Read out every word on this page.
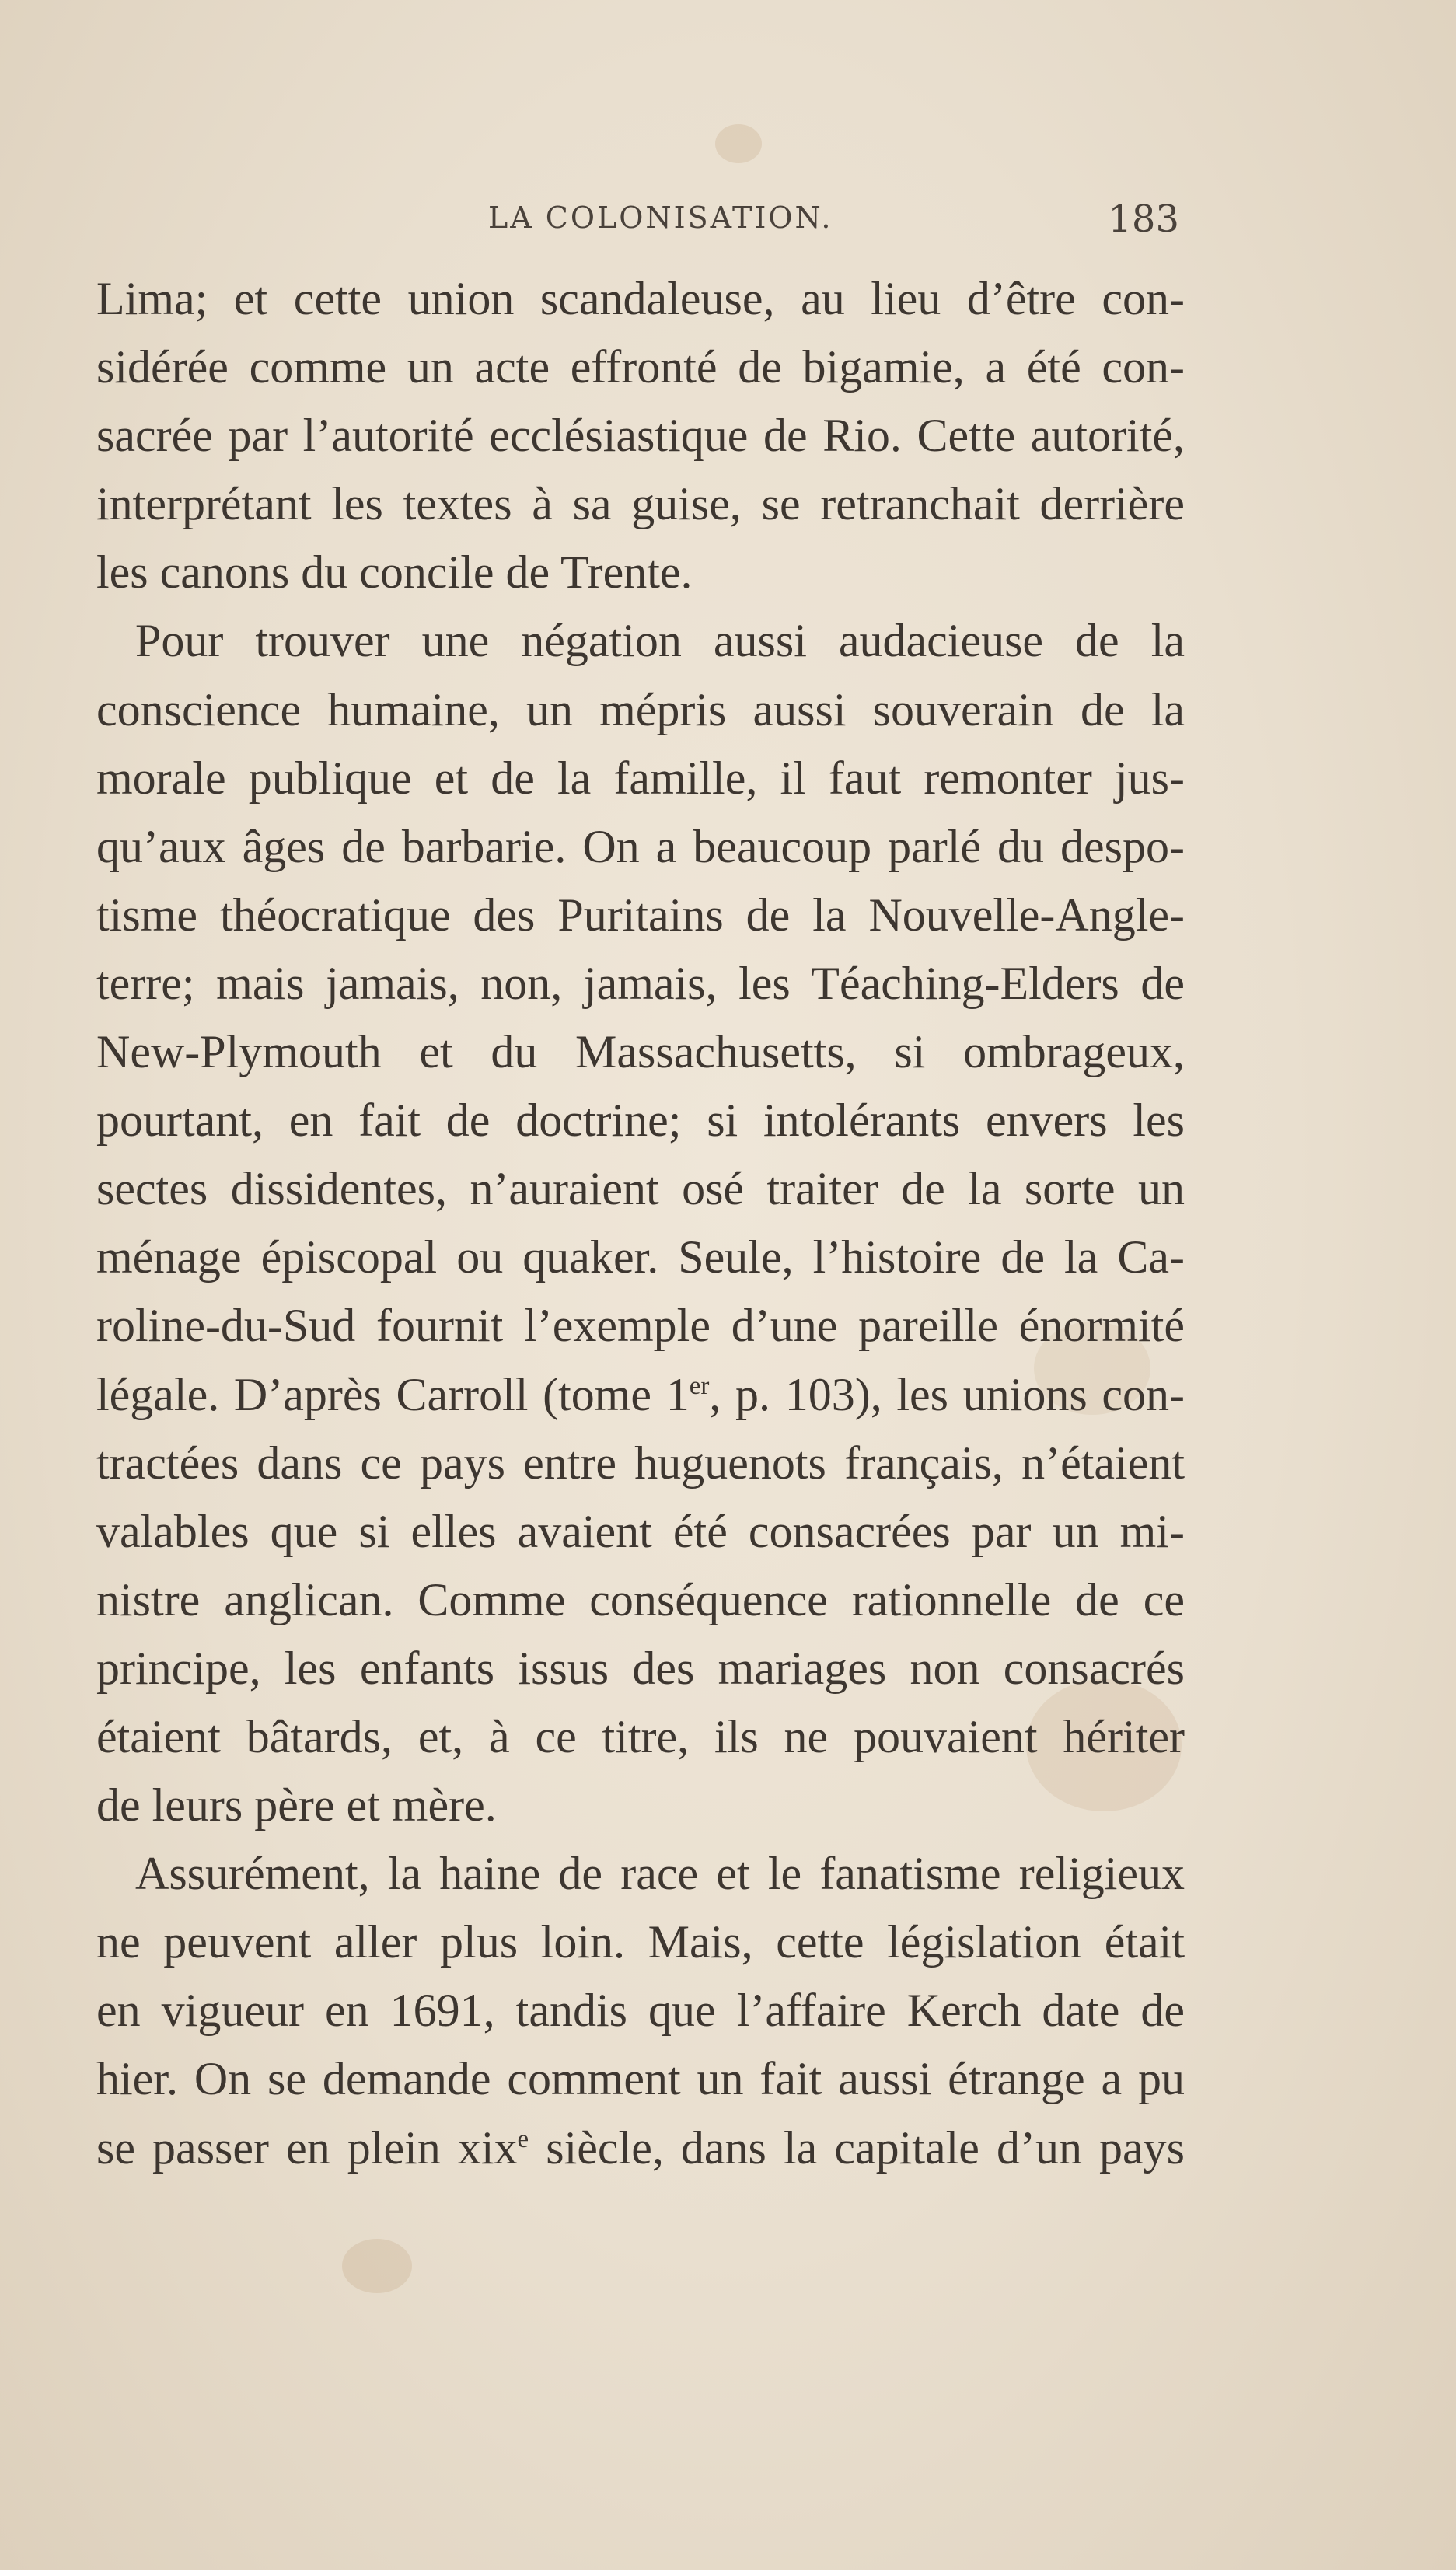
LA COLONISATION.	183
Lima; et cette union scandaleuse, au lieu d’être con-
sidérée comme un acte effronté de bigamie, a été con-
sacrée par l’autorité ecclésiastique de Rio. Cette autorité,
interprétant les textes à sa guise, se retranchait derrière
les canons du concile de Trente.
Pour trouver une négation aussi audacieuse de la
conscience humaine, un mépris aussi souverain de la
morale publique et de la famille, il faut remonter jus-
qu’aux âges de barbarie. On a beaucoup parlé du despo-
tisme théocratique des Puritains de la Nouvelle-Angle-
terre; mais jamais, non, jamais, les Téaching-Elders de
New-Plymouth et du Massachusetts, si ombrageux,
pourtant, en fait de doctrine; si intolérants envers les
sectes dissidentes, n’auraient osé traiter de la sorte un
ménage épiscopal ou quaker. Seule, l’histoire de la Ca-
roline-du-Sud fournit l’exemple d’une pareille énormité
légale. D’après Carroll (tome 1er, p. 103), les unions con-
tractées dans ce pays entre huguenots français, n’étaient
valables que si elles avaient été consacrées par un mi-
nistre anglican. Comme conséquence rationnelle de ce
principe, les enfants issus des mariages non consacrés
étaient bâtards, et, à ce titre, ils ne pouvaient hériter
de leurs père et mère.
Assurément, la haine de race et le fanatisme religieux
ne peuvent aller plus loin. Mais, cette législation était
en vigueur en 1691, tandis que l’affaire Kerch date de
hier. On se demande comment un fait aussi étrange a pu
se passer en plein xix$^e$ siècle, dans la capitale d’un pays
